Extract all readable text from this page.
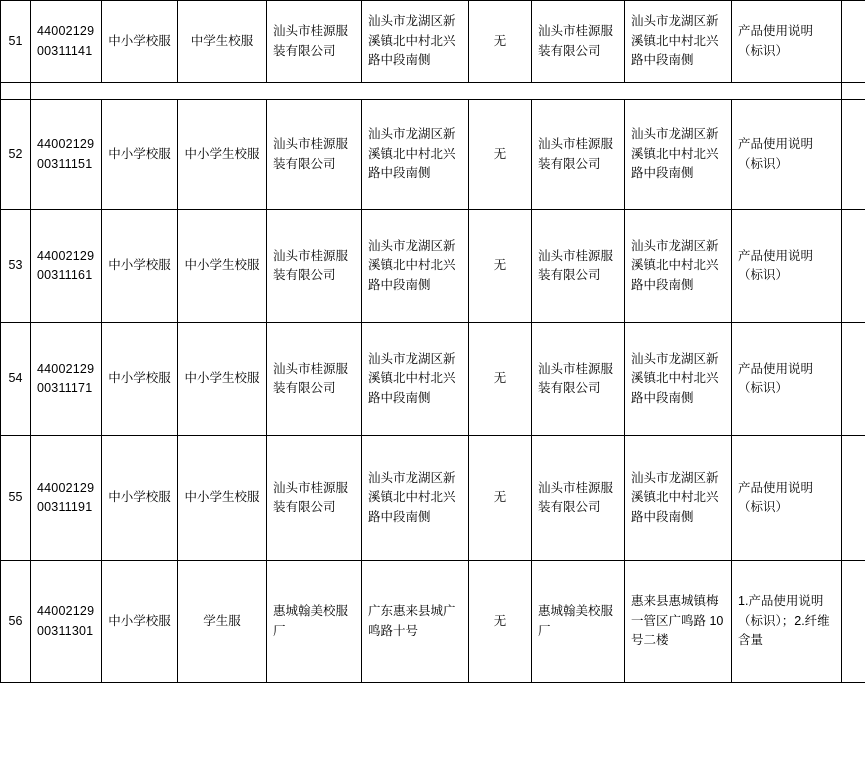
51	4400212900311141	中小学校服	中学生校服	汕头市桂源服装有限公司	汕头市龙湖区新溪镇北中村北兴路中段南侧	无	汕头市桂源服装有限公司	汕头市龙湖区新溪镇北中村北兴路中段南侧	产品使用说明（标识）	

52	4400212900311151	中小学校服	中小学生校服	汕头市桂源服装有限公司	汕头市龙湖区新溪镇北中村北兴路中段南侧	无	汕头市桂源服装有限公司	汕头市龙湖区新溪镇北中村北兴路中段南侧	产品使用说明（标识）	
53	4400212900311161	中小学校服	中小学生校服	汕头市桂源服装有限公司	汕头市龙湖区新溪镇北中村北兴路中段南侧	无	汕头市桂源服装有限公司	汕头市龙湖区新溪镇北中村北兴路中段南侧	产品使用说明（标识）	
54	4400212900311171	中小学校服	中小学生校服	汕头市桂源服装有限公司	汕头市龙湖区新溪镇北中村北兴路中段南侧	无	汕头市桂源服装有限公司	汕头市龙湖区新溪镇北中村北兴路中段南侧	产品使用说明（标识）	
55	4400212900311191	中小学校服	中小学生校服	汕头市桂源服装有限公司	汕头市龙湖区新溪镇北中村北兴路中段南侧	无	汕头市桂源服装有限公司	汕头市龙湖区新溪镇北中村北兴路中段南侧	产品使用说明（标识）	
56	4400212900311301	中小学校服	学生服	惠城翰美校服厂	广东惠来县城广鸣路十号	无	惠城翰美校服厂	惠来县惠城镇梅一管区广鸣路 10 号二楼	1.产品使用说明（标识）；2.纤维含量	
